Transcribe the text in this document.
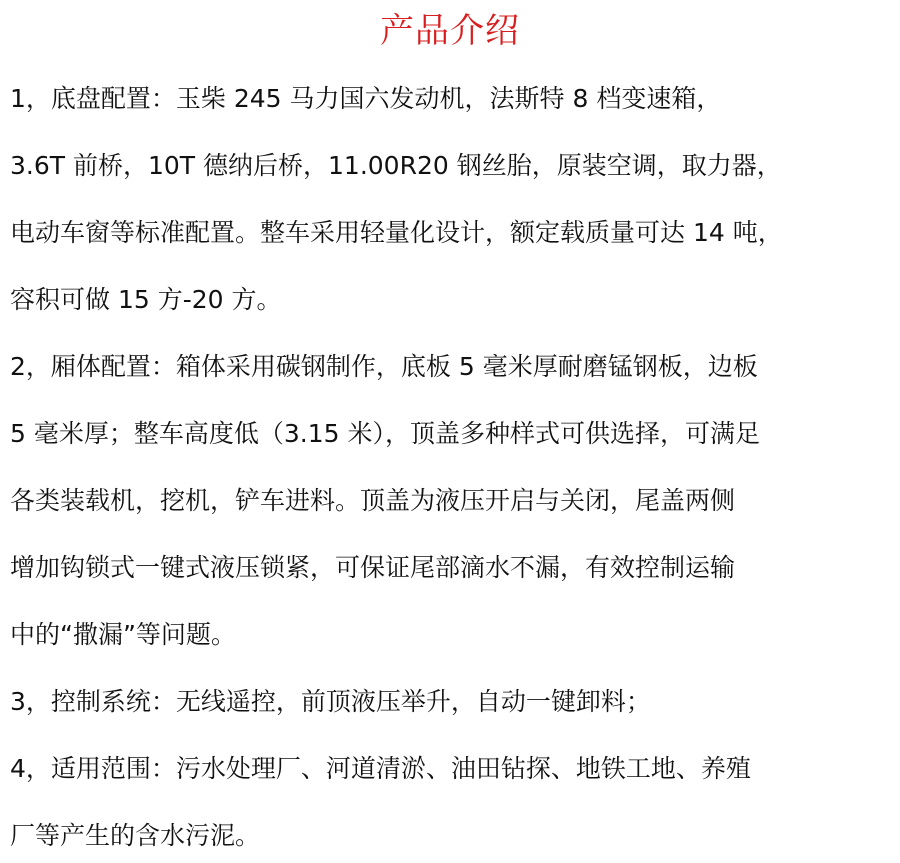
产品介绍
1，底盘配置：玉柴 245 马力国六发动机，法斯特 8 档变速箱，
3.6T 前桥，10T 德纳后桥，11.00R20 钢丝胎，原装空调，取力器，
电动车窗等标准配置。整车采用轻量化设计，额定载质量可达 14 吨，
容积可做 15 方-20 方。
2，厢体配置：箱体采用碳钢制作，底板 5 毫米厚耐磨锰钢板，边板
5 毫米厚；整车高度低（3.15 米），顶盖多种样式可供选择，可满足
各类装载机，挖机，铲车进料。顶盖为液压开启与关闭，尾盖两侧
增加钩锁式一键式液压锁紧，可保证尾部滴水不漏，有效控制运输
中的“撒漏”等问题。
3，控制系统：无线遥控，前顶液压举升，自动一键卸料；
4，适用范围：污水处理厂、河道清淤、油田钻探、地铁工地、养殖
厂等产生的含水污泥。
